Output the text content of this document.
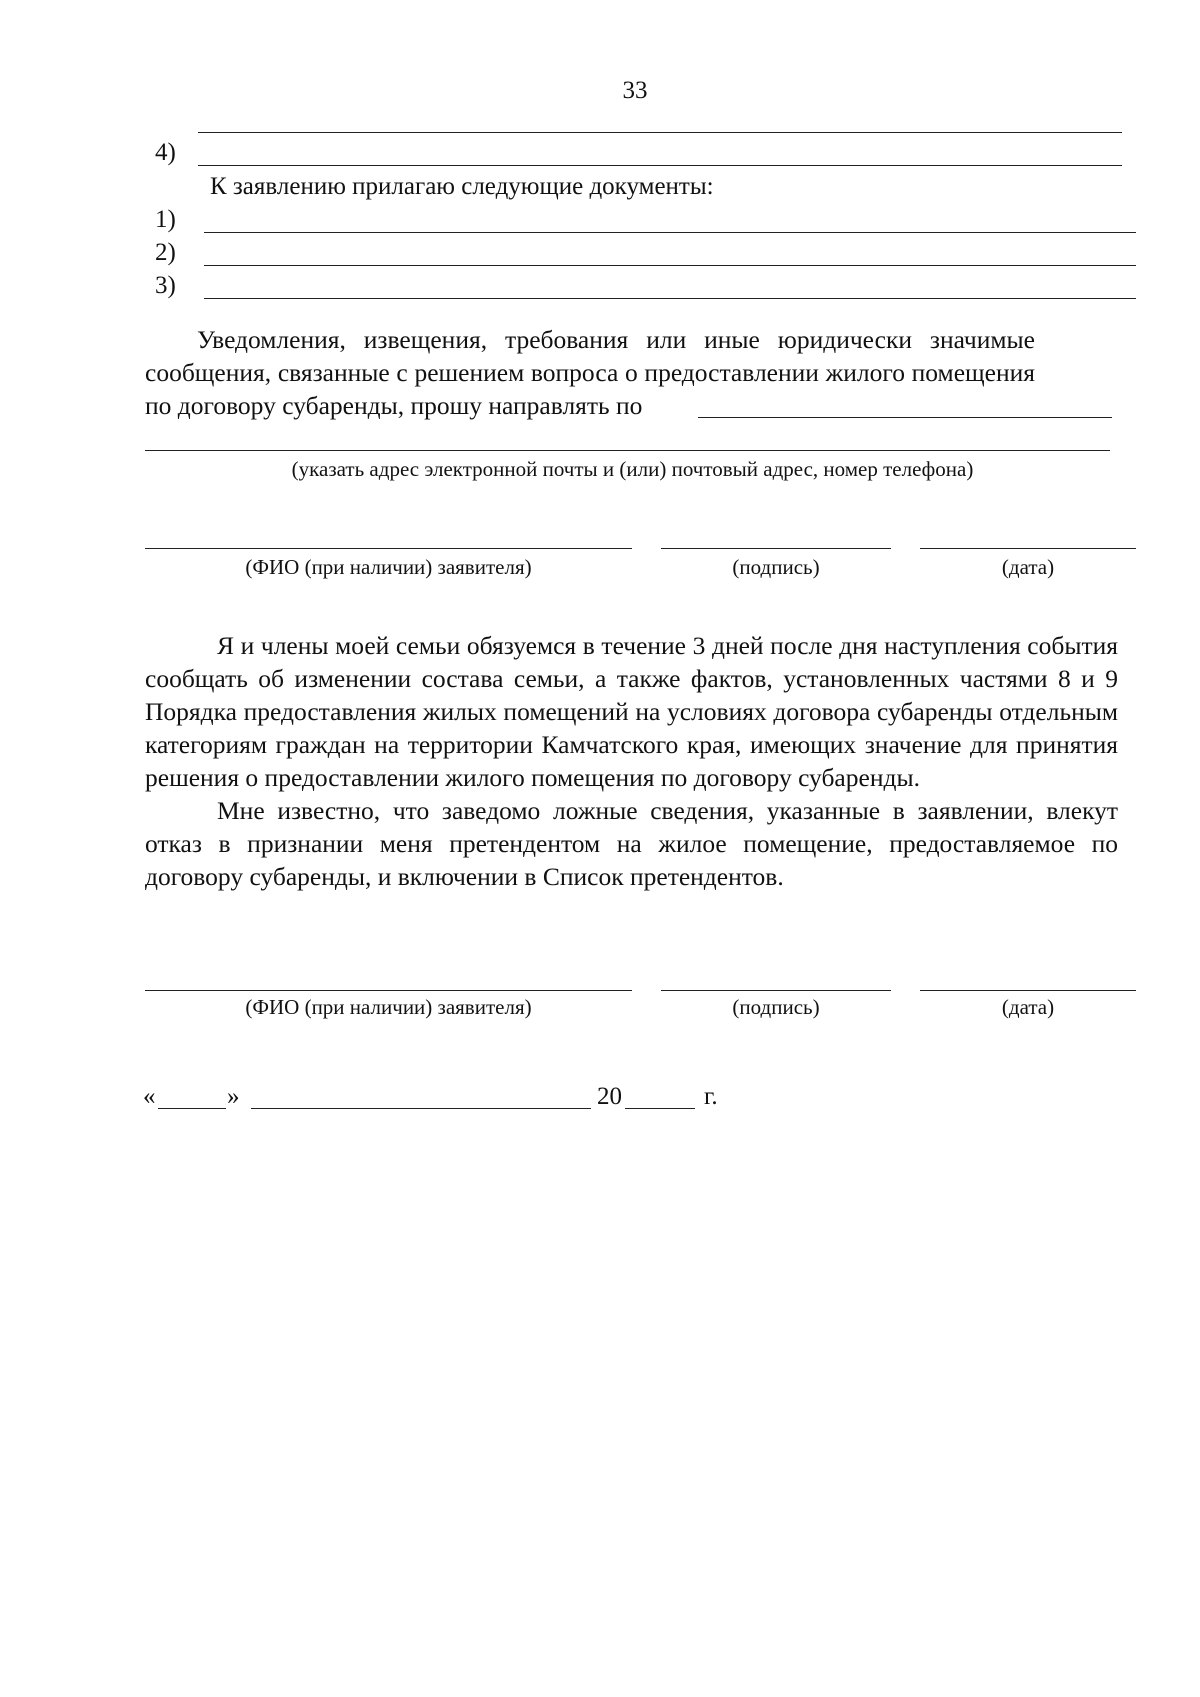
33
4)
К заявлению прилагаю следующие документы:
1)
2)
3)

Уведомления, извещения, требования или иные юридически значимые сообщения, связанные с решением вопроса о предоставлении жилого помещения по договору субаренды, прошу направлять по

(указать адрес электронной почты и (или) почтовый адрес, номер телефона)
(ФИО (при наличии) заявителя)	(подпись)	(дата)

Я и члены моей семьи обязуемся в течение 3 дней после дня наступления события сообщать об изменении состава семьи, а также фактов, установленных частями 8 и 9 Порядка предоставления жилых помещений на условиях договора субаренды отдельным категориям граждан на территории Камчатского края, имеющих значение для принятия решения о предоставлении жилого помещения по договору субаренды.

Мне известно, что заведомо ложные сведения, указанные в заявлении, влекут отказ в признании меня претендентом на жилое помещение, предоставляемое по договору субаренды, и включении в Список претендентов.

(ФИО (при наличии) заявителя)	(подпись)	(дата)
«	»	20	г.
